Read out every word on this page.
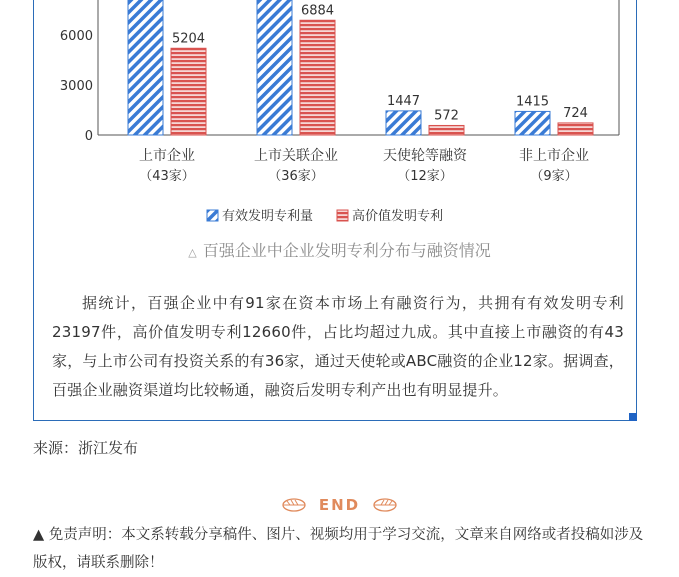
0
3000
6000	5204
上市企业
（43家）
6884
上市关联企业
（36家）
1447
572
天使轮等融资
（12家）
1415
724
非上市企业
（9家）
有效发明专利量	高价值发明专利
△ 百强企业中企业发明专利分布与融资情况
据统计，百强企业中有91家在资本市场上有融资行为，共拥有有效发明专利23197件，高价值发明专利12660件，占比均超过九成。其中直接上市融资的有43家，与上市公司有投资关系的有36家，通过天使轮或ABC融资的企业12家。据调查，百强企业融资渠道均比较畅通，融资后发明专利产出也有明显提升。
来源：浙江发布
END
▲ 免责声明：本文系转载分享稿件、图片、视频均用于学习交流，文章来自网络或者投稿如涉及版权，请联系删除！
